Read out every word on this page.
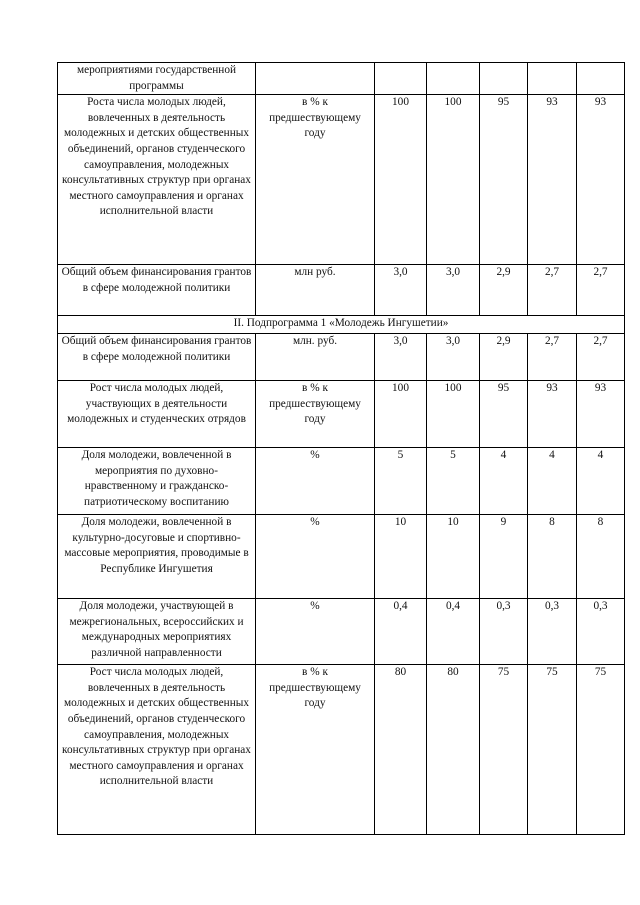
мероприятиями государственной программы						
Роста числа молодых людей, вовлеченных в деятельность молодежных и детских общественных объединений, органов студенческого самоуправления, молодежных консультативных структур при органах местного самоуправления и органах исполнительной власти	в % к предшествующему году	100	100	95	93	93
Общий объем финансирования грантов в сфере молодежной политики	млн руб.	3,0	3,0	2,9	2,7	2,7
II. Подпрограмма 1 «Молодежь Ингушетии»						
Общий объем финансирования грантов в сфере молодежной политики	млн. руб.	3,0	3,0	2,9	2,7	2,7
Рост числа молодых людей, участвующих в деятельности молодежных и студенческих отрядов	в % к предшествующему году	100	100	95	93	93
Доля молодежи, вовлеченной в мероприятия по духовно-нравственному и гражданско-патриотическому воспитанию	%	5	5	4	4	4
Доля молодежи, вовлеченной в культурно-досуговые и спортивно-массовые мероприятия, проводимые в Республике Ингушетия	%	10	10	9	8	8
Доля молодежи, участвующей в межрегиональных, всероссийских и международных мероприятиях различной направленности	%	0,4	0,4	0,3	0,3	0,3
Рост числа молодых людей, вовлеченных в деятельность молодежных и детских общественных объединений, органов студенческого самоуправления, молодежных консультативных структур при органах местного самоуправления и органах исполнительной власти	в % к предшествующему году	80	80	75	75	75
